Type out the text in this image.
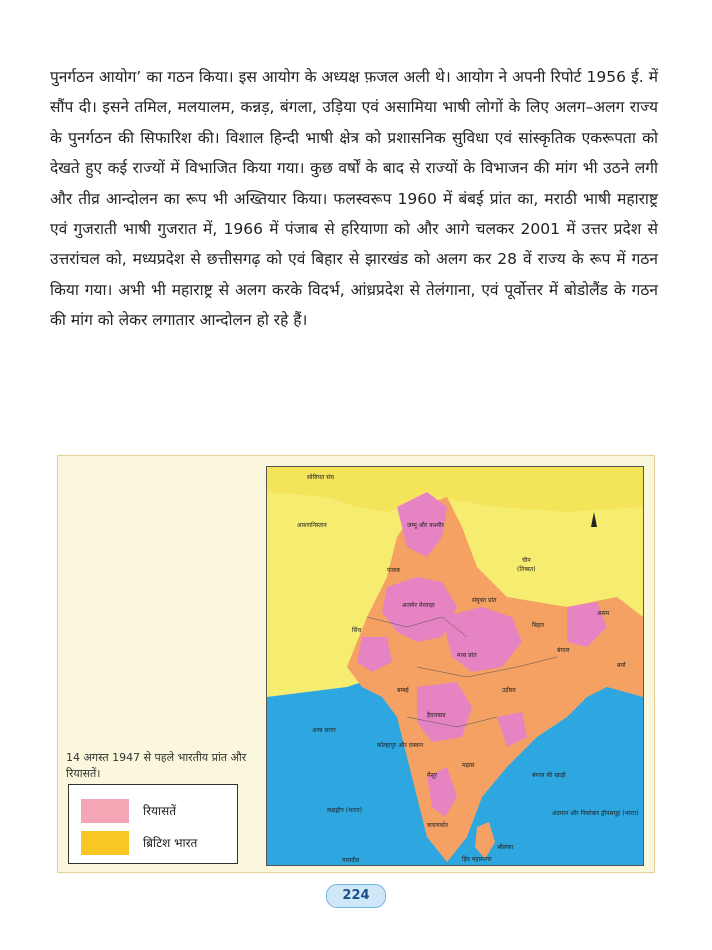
पुनर्गठन आयोग’ का गठन किया। इस आयोग के अध्यक्ष फ़जल अली थे। आयोग ने अपनी रिपोर्ट 1956 ई. में सौंप दी। इसने तमिल, मलयालम, कन्नड़, बंगला, उड़िया एवं असामिया भाषी लोगों के लिए अलग–अलग राज्य के पुनर्गठन की सिफारिश की। विशाल हिन्दी भाषी क्षेत्र को प्रशासनिक सुविधा एवं सांस्कृतिक एकरूपता को देखते हुए कई राज्यों में विभाजित किया गया। कुछ वर्षों के बाद से राज्यों के विभाजन की मांग भी उठने लगी और तीव्र आन्दोलन का रूप भी अख्तियार किया। फलस्वरूप 1960 में बंबई प्रांत का, मराठी भाषी महाराष्ट्र एवं गुजराती भाषी गुजरात में, 1966 में पंजाब से हरियाणा को और आगे चलकर 2001 में उत्तर प्रदेश से उत्तरांचल को, मध्यप्रदेश से छत्तीसगढ़ को एवं बिहार से झारखंड को अलग कर 28 वें राज्य के रूप में गठन किया गया। अभी भी महाराष्ट्र से अलग करके विदर्भ, आंध्रप्रदेश से तेलंगाना, एवं पूर्वोत्तर में बोडोलैंड के गठन की मांग को लेकर लगातार आन्दोलन हो रहे हैं।

सोवियत संघ
अफ़गानिस्तान
चीन
(तिब्बत)
जम्मू और कश्मीर
पंजाब
सिंध
संयुक्त प्रांत
बिहार
बंगाल
असम
बर्मा
अजमेर मेरवाड़ा
मध्य प्रांत
बम्बई
हैदराबाद
उड़ीसा
मद्रास
मैसूर
त्रावणकोर
अरब सागर
बंगाल की खाड़ी
अंडमान और निकोबार द्वीपसमूह (भारत)
श्रीलंका
लक्षद्वीप (भारत)
मालदीव	हिंद महासागर
कोल्हापुर और दक्कन

14 अगस्त 1947 से पहले भारतीय प्रांत और रियासतें।

रियासतें
ब्रिटिश भारत
224
